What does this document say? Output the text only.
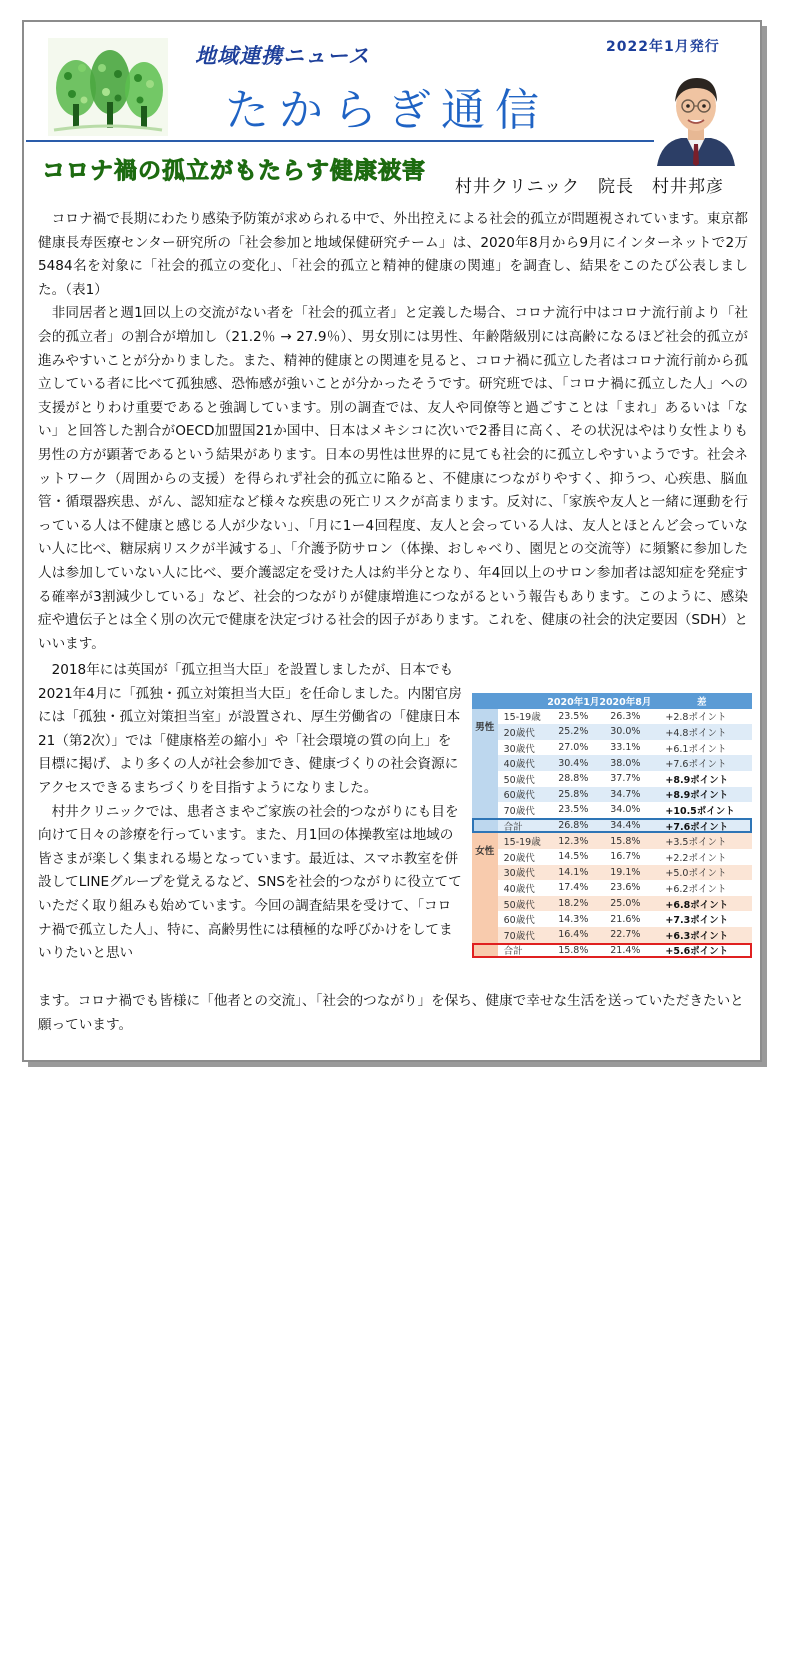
地域連携ニュース	2022年1月発行
たからぎ通信
コロナ禍の孤立がもたらす健康被害
村井クリニック　院長　村井邦彦

コロナ禍で長期にわたり感染予防策が求められる中で、外出控えによる社会的孤立が問題視されています。東京都健康長寿医療センター研究所の「社会参加と地域保健研究チーム」は、2020年8月から9月にインターネットで2万5484名を対象に「社会的孤立の変化」、「社会的孤立と精神的健康の関連」を調査し、結果をこのたび公表しました。（表1）

非同居者と週1回以上の交流がない者を「社会的孤立者」と定義した場合、コロナ流行中はコロナ流行前より「社会的孤立者」の割合が増加し（21.2％ → 27.9％）、男女別には男性、年齢階級別には高齢になるほど社会的孤立が進みやすいことが分かりました。また、精神的健康との関連を見ると、コロナ禍に孤立した者はコロナ流行前から孤立している者に比べて孤独感、恐怖感が強いことが分かったそうです。研究班では、「コロナ禍に孤立した人」への支援がとりわけ重要であると強調しています。別の調査では、友人や同僚等と過ごすことは「まれ」あるいは「ない」と回答した割合がOECD加盟国21か国中、日本はメキシコに次いで2番目に高く、その状況はやはり女性よりも男性の方が顕著であるという結果があります。日本の男性は世界的に見ても社会的に孤立しやすいようです。社会ネットワーク（周囲からの支援）を得られず社会的孤立に陥ると、不健康につながりやすく、抑うつ、心疾患、脳血管・循環器疾患、がん、認知症など様々な疾患の死亡リスクが高まります。反対に、「家族や友人と一緒に運動を行っている人は不健康と感じる人が少ない」、「月に1ー4回程度、友人と会っている人は、友人とほとんど会っていない人に比べ、糖尿病リスクが半減する」、「介護予防サロン（体操、おしゃべり、園児との交流等）に頻繁に参加した人は参加していない人に比べ、要介護認定を受けた人は約半分となり、年4回以上のサロン参加者は認知症を発症する確率が3割減少している」など、社会的つながりが健康増進につながるという報告もあります。このように、感染症や遺伝子とは全く別の次元で健康を決定づける社会的因子があります。これを、健康の社会的決定要因（SDH）といいます。

2018年には英国が「孤立担当大臣」を設置しましたが、日本でも2021年4月に「孤独・孤立対策担当大臣」を任命しました。内閣官房には「孤独・孤立対策担当室」が設置され、厚生労働省の「健康日本21（第2次）」では「健康格差の縮小」や「社会環境の質の向上」を目標に掲げ、より多くの人が社会参加でき、健康づくりの社会資源にアクセスできるまちづくりを目指すようになりました。

村井クリニックでは、患者さまやご家族の社会的つながりにも目を向けて日々の診療を行っています。また、月1回の体操教室は地域の皆さまが楽しく集まれる場となっています。最近は、スマホ教室を併設してLINEグループを覚えるなど、SNSを社会的つながりに役立てていただく取り組みも始めています。今回の調査結果を受けて、「コロナ禍で孤立した人」、特に、高齢男性には積極的な呼びかけをしてまいりたいと思い

ます。コロナ禍でも皆様に「他者との交流」、「社会的つながり」を保ち、健康で幸せな生活を送っていただきたいと願っています。

		2020年1月	2020年8月	差
男性	15-19歳	23.5%	26.3%	+2.8ポイント
	20歳代	25.2%	30.0%	+4.8ポイント
	30歳代	27.0%	33.1%	+6.1ポイント
	40歳代	30.4%	38.0%	+7.6ポイント
	50歳代	28.8%	37.7%	+8.9ポイント
	60歳代	25.8%	34.7%	+8.9ポイント
	70歳代	23.5%	34.0%	+10.5ポイント
	合計	26.8%	34.4%	+7.6ポイント
女性	15-19歳	12.3%	15.8%	+3.5ポイント
	20歳代	14.5%	16.7%	+2.2ポイント
	30歳代	14.1%	19.1%	+5.0ポイント
	40歳代	17.4%	23.6%	+6.2ポイント
	50歳代	18.2%	25.0%	+6.8ポイント
	60歳代	14.3%	21.6%	+7.3ポイント
	70歳代	16.4%	22.7%	+6.3ポイント
	合計	15.8%	21.4%	+5.6ポイント
